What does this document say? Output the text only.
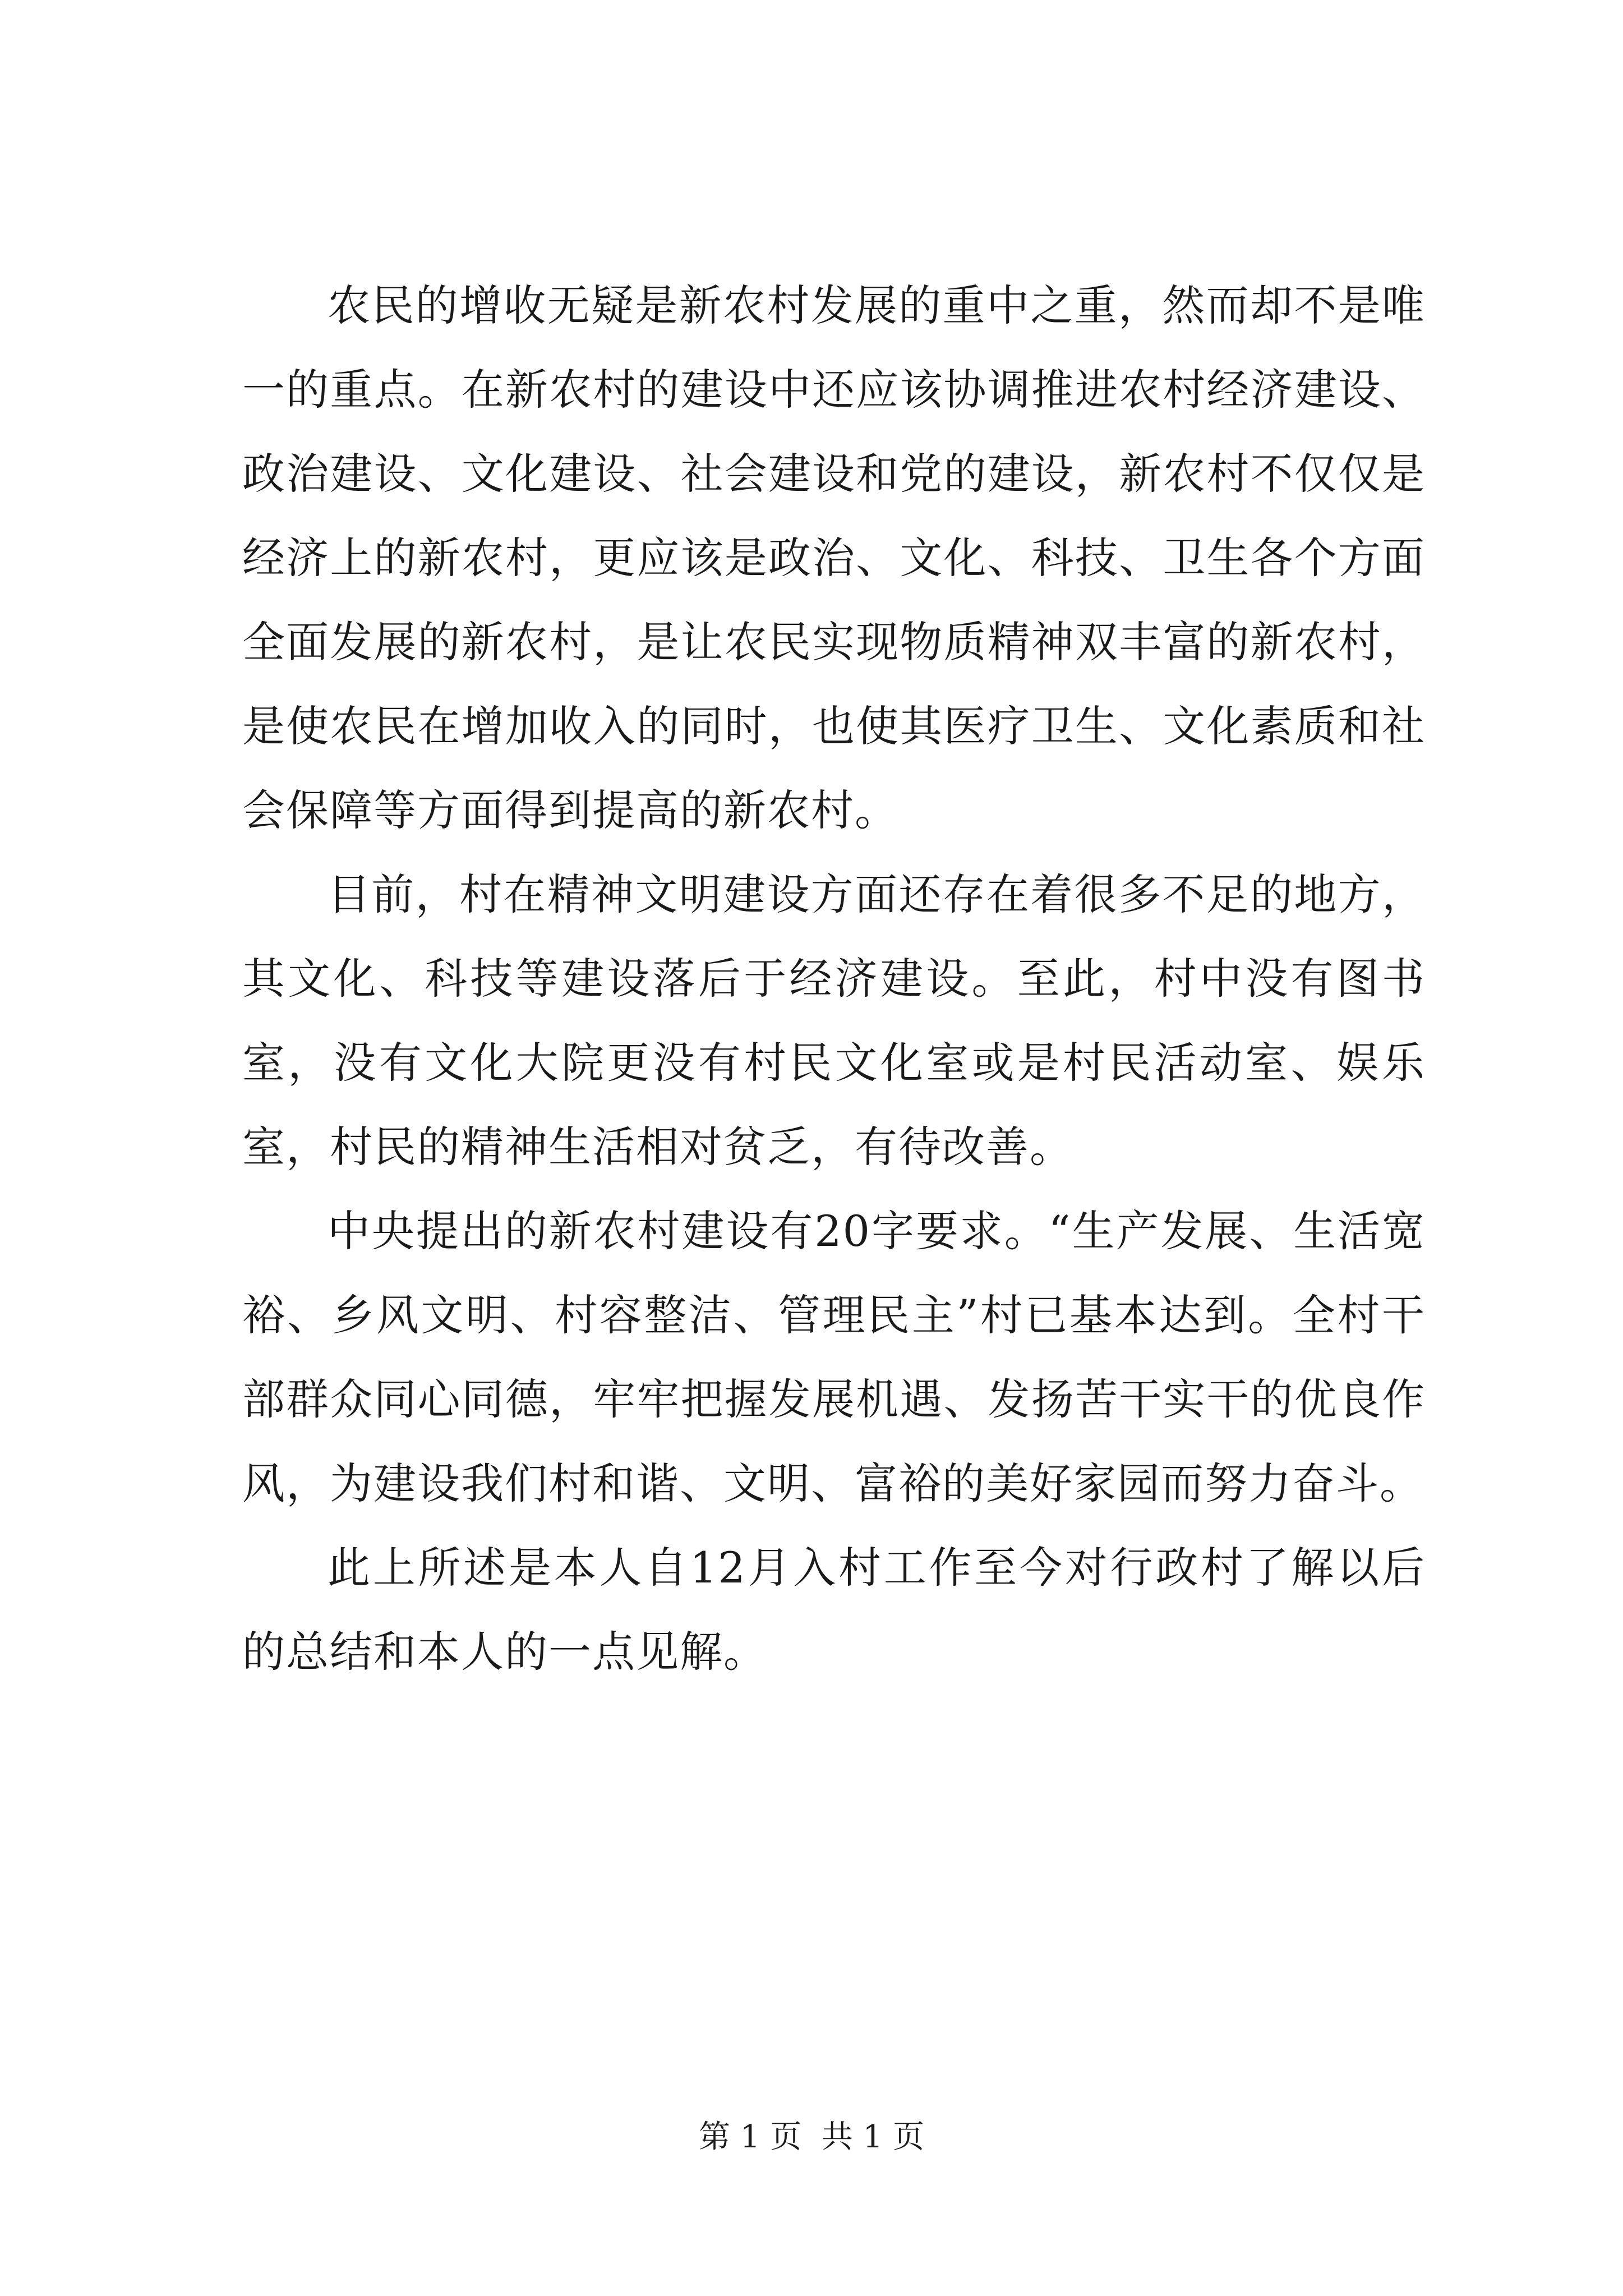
农民的增收无疑是新农村发展的重中之重，然而却不是唯一的重点。在新农村的建设中还应该协调推进农村经济建设、政治建设、文化建设、社会建设和党的建设，新农村不仅仅是经济上的新农村，更应该是政治、文化、科技、卫生各个方面全面发展的新农村，是让农民实现物质精神双丰富的新农村，是使农民在增加收入的同时，也使其医疗卫生、文化素质和社会保障等方面得到提高的新农村。

目前，村在精神文明建设方面还存在着很多不足的地方，其文化、科技等建设落后于经济建设。至此，村中没有图书室，没有文化大院更没有村民文化室或是村民活动室、娱乐室，村民的精神生活相对贫乏，有待改善。

中央提出的新农村建设有20字要求。“生产发展、生活宽裕、乡风文明、村容整洁、管理民主”村已基本达到。全村干部群众同心同德，牢牢把握发展机遇、发扬苦干实干的优良作风，为建设我们村和谐、文明、富裕的美好家园而努力奋斗。

此上所述是本人自12月入村工作至今对行政村了解以后的总结和本人的一点见解。

第 1 页  共 1 页
